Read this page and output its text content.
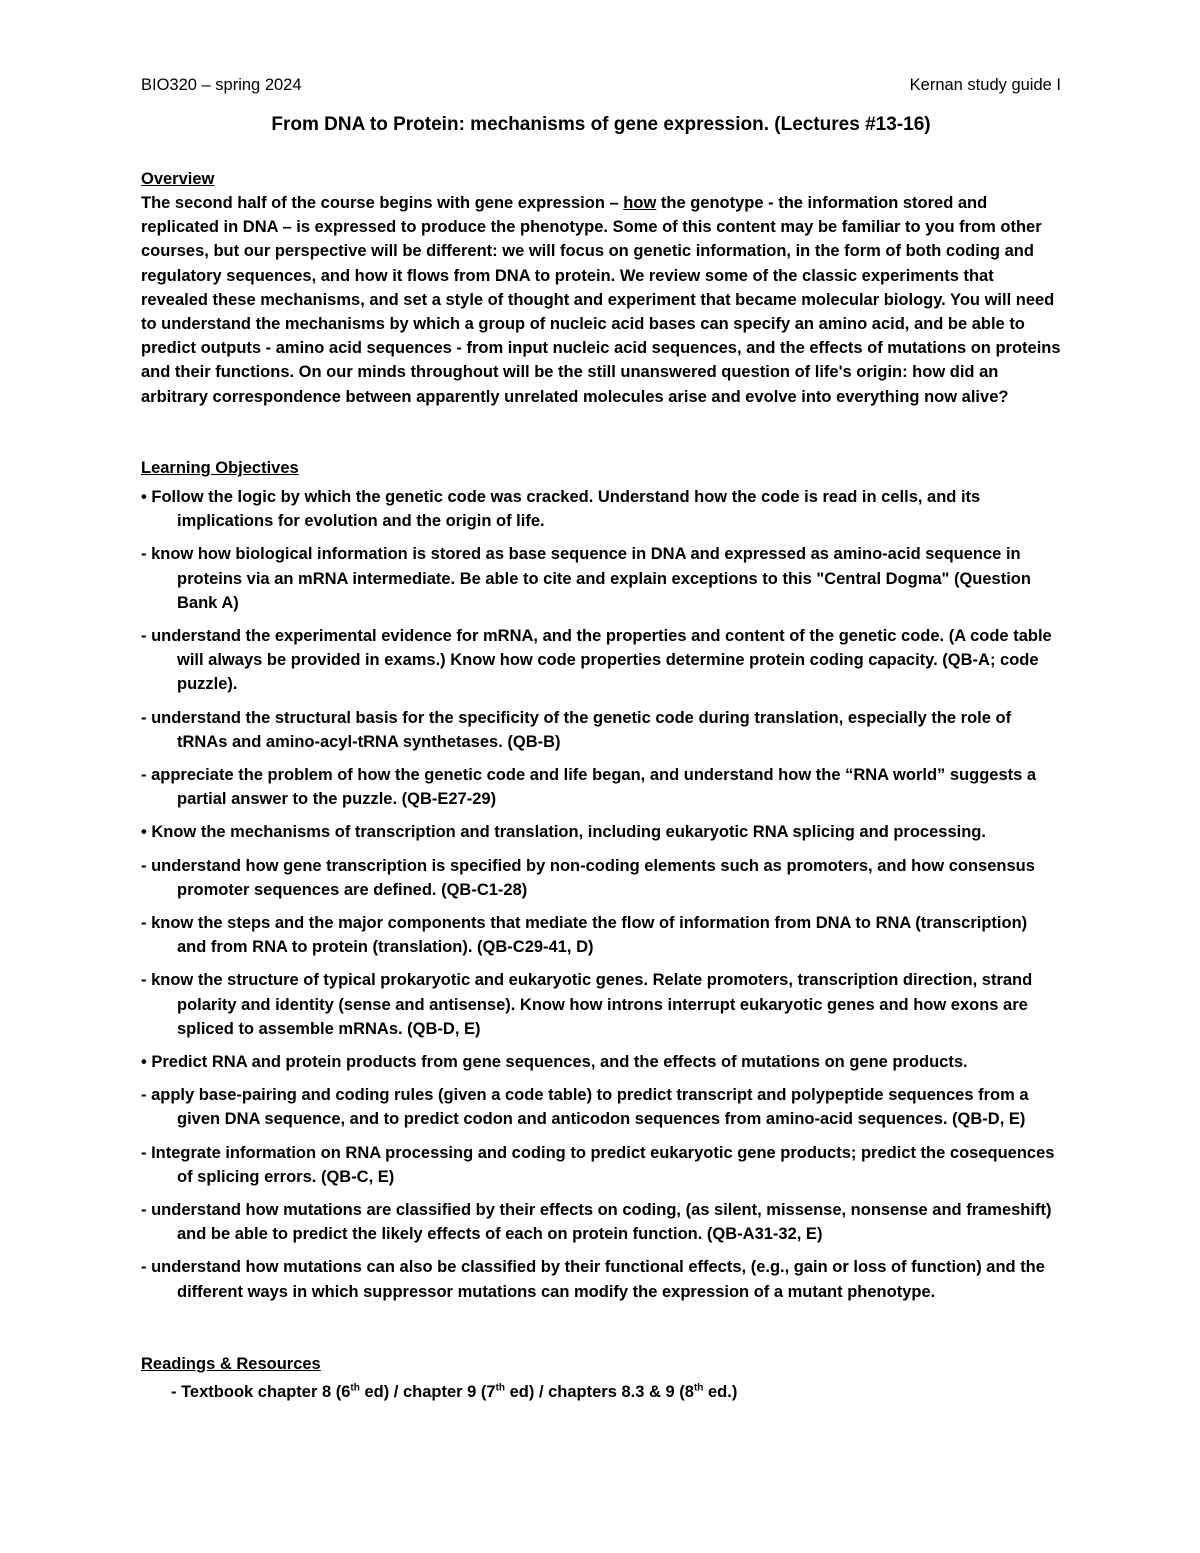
BIO320 – spring 2024	Kernan study guide I
From DNA to Protein: mechanisms of gene expression. (Lectures #13-16)
Overview

The second half of the course begins with gene expression – how the genotype - the information stored and replicated in DNA – is expressed to produce the phenotype. Some of this content may be familiar to you from other courses, but our perspective will be different: we will focus on genetic information, in the form of both coding and regulatory sequences, and how it flows from DNA to protein. We review some of the classic experiments that revealed these mechanisms, and set a style of thought and experiment that became molecular biology. You will need to understand the mechanisms by which a group of nucleic acid bases can specify an amino acid, and be able to predict outputs - amino acid sequences - from input nucleic acid sequences, and the effects of mutations on proteins and their functions. On our minds throughout will be the still unanswered question of life's origin: how did an arbitrary correspondence between apparently unrelated molecules arise and evolve into everything now alive?

Learning Objectives
• Follow the logic by which the genetic code was cracked. Understand how the code is read in cells, and its implications for evolution and the origin of life.
- know how biological information is stored as base sequence in DNA and expressed as amino-acid sequence in proteins via an mRNA intermediate. Be able to cite and explain exceptions to this "Central Dogma" (Question Bank A)
- understand the experimental evidence for mRNA, and the properties and content of the genetic code. (A code table will always be provided in exams.) Know how code properties determine protein coding capacity. (QB-A; code puzzle).
- understand the structural basis for the specificity of the genetic code during translation, especially the role of tRNAs and amino-acyl-tRNA synthetases. (QB-B)
- appreciate the problem of how the genetic code and life began, and understand how the “RNA world” suggests a partial answer to the puzzle. (QB-E27-29)
• Know the mechanisms of transcription and translation, including eukaryotic RNA splicing and processing.
- understand how gene transcription is specified by non-coding elements such as promoters, and how consensus promoter sequences are defined. (QB-C1-28)
- know the steps and the major components that mediate the flow of information from DNA to RNA (transcription) and from RNA to protein (translation). (QB-C29-41, D)
- know the structure of typical prokaryotic and eukaryotic genes. Relate promoters, transcription direction, strand polarity and identity (sense and antisense). Know how introns interrupt eukaryotic genes and how exons are spliced to assemble mRNAs. (QB-D, E)
• Predict RNA and protein products from gene sequences, and the effects of mutations on gene products.
- apply base-pairing and coding rules (given a code table) to predict transcript and polypeptide sequences from a given DNA sequence, and to predict codon and anticodon sequences from amino-acid sequences. (QB-D, E)
- Integrate information on RNA processing and coding to predict eukaryotic gene products; predict the cosequences of splicing errors. (QB-C, E)
- understand how mutations are classified by their effects on coding, (as silent, missense, nonsense and frameshift) and be able to predict the likely effects of each on protein function. (QB-A31-32, E)
- understand how mutations can also be classified by their functional effects, (e.g., gain or loss of function) and the different ways in which suppressor mutations can modify the expression of a mutant phenotype.
Readings & Resources
- Textbook chapter 8 (6th ed) / chapter 9 (7th ed) / chapters 8.3 & 9 (8th ed.)
